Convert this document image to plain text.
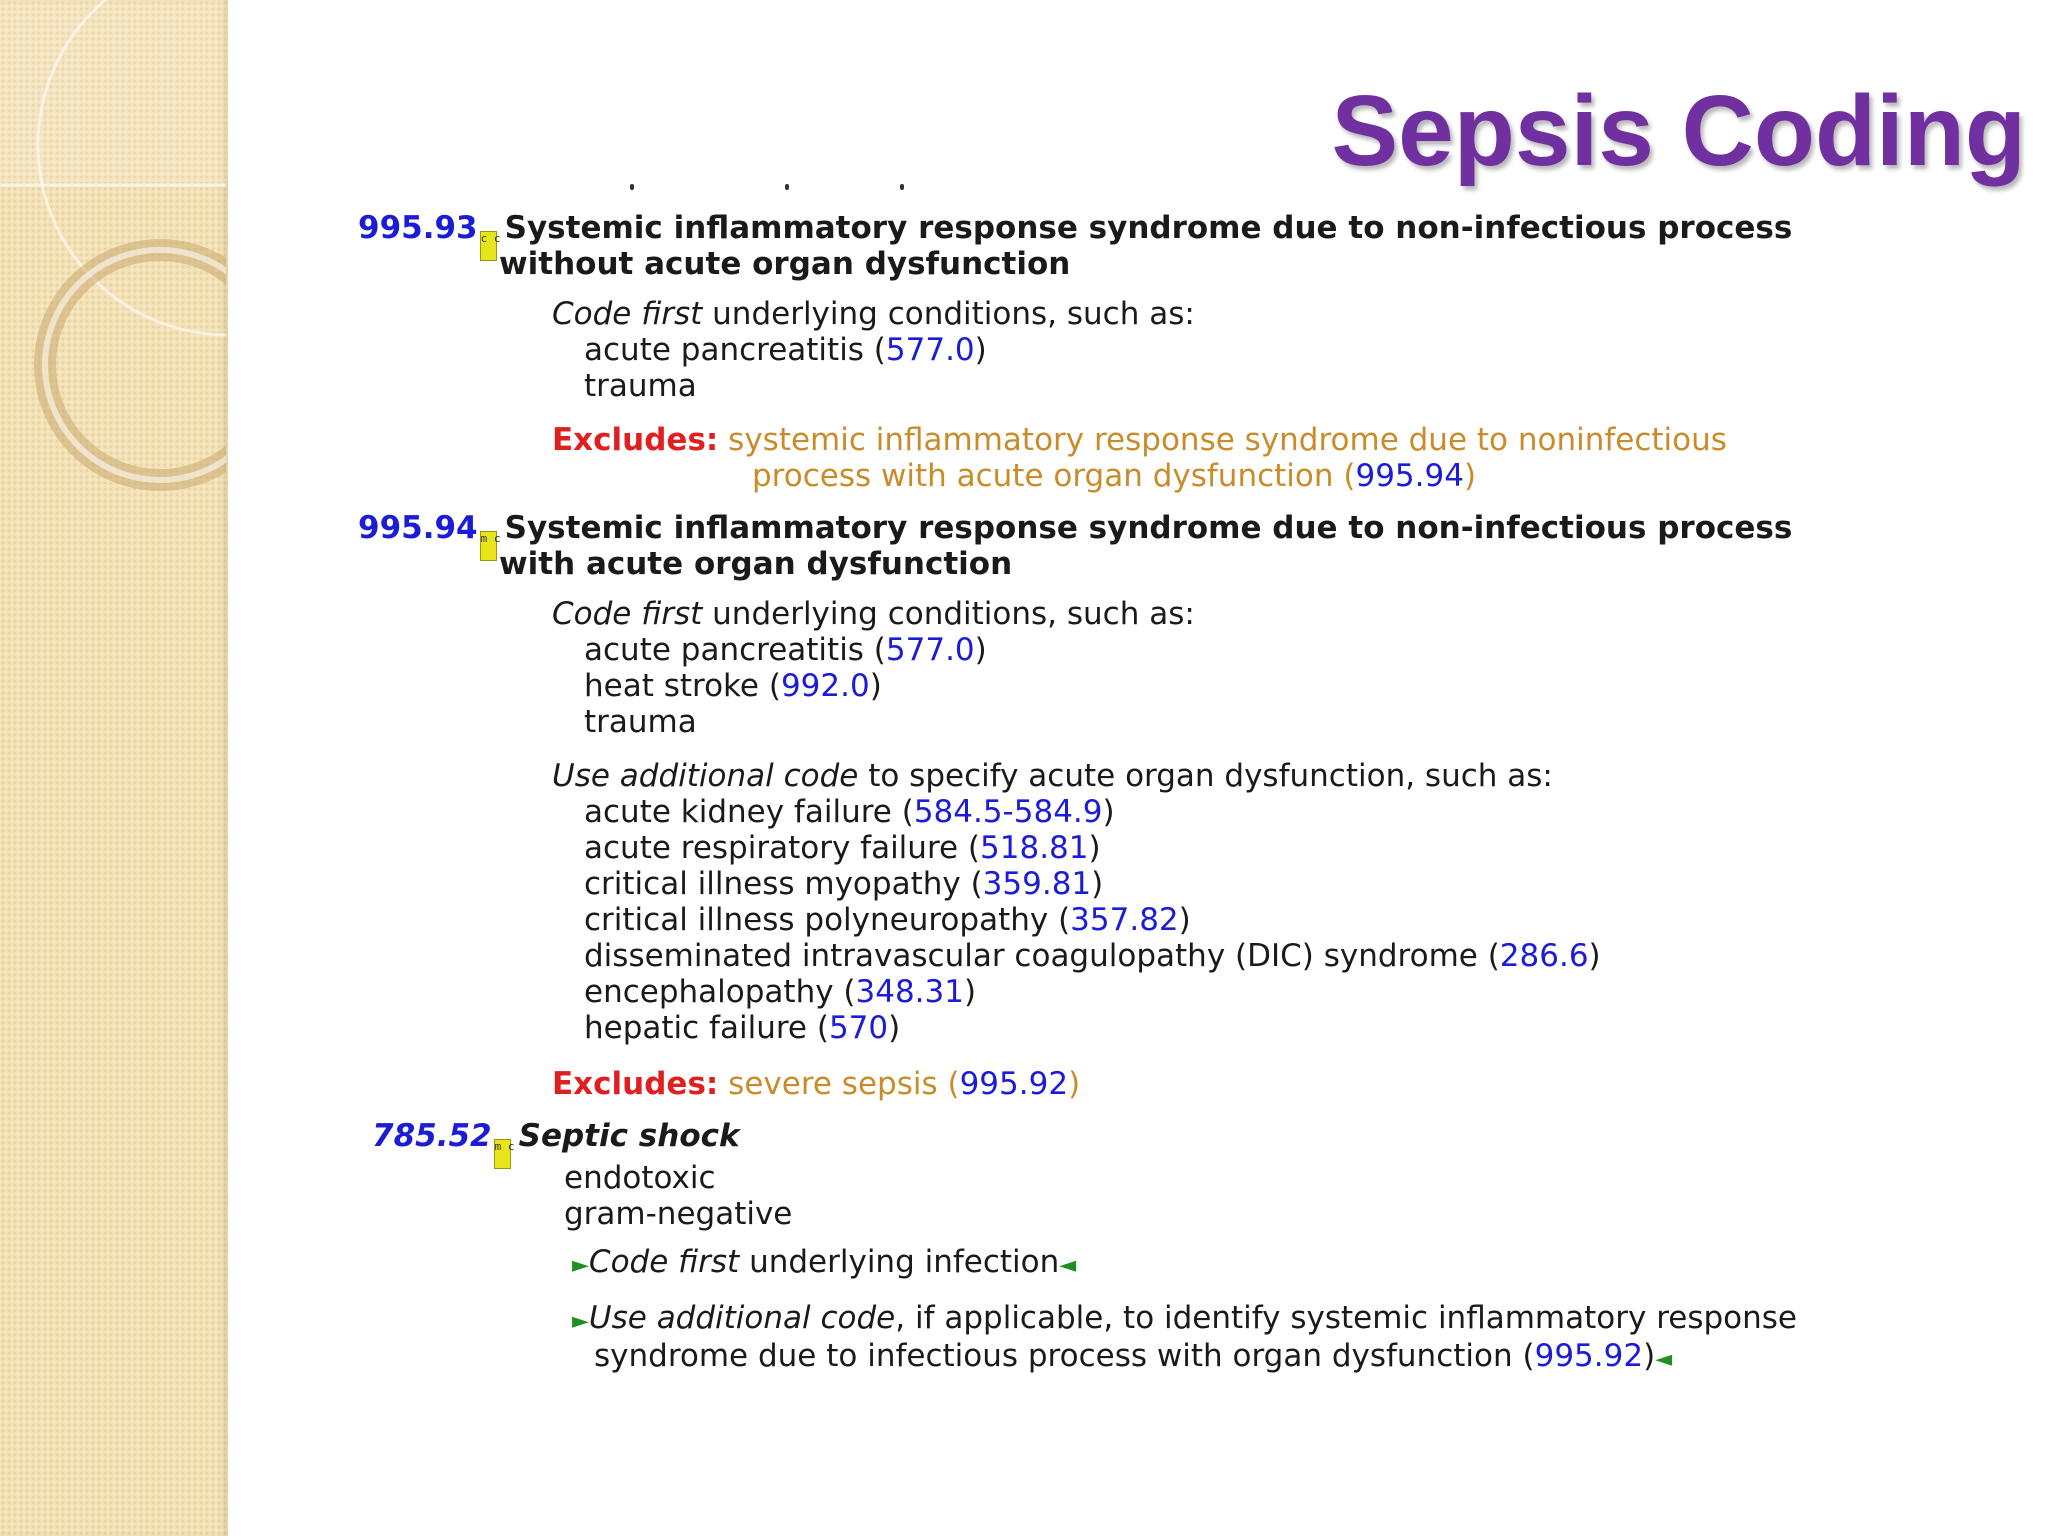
Sepsis Coding
995.93 c c Systemic inflammatory response syndrome due to non-infectious process
without acute organ dysfunction
Code first underlying conditions, such as:
acute pancreatitis (577.0)
trauma
Excludes: systemic inflammatory response syndrome due to noninfectious
process with acute organ dysfunction (995.94)
995.94 m c Systemic inflammatory response syndrome due to non-infectious process
with acute organ dysfunction
Code first underlying conditions, such as:
acute pancreatitis (577.0)
heat stroke (992.0)
trauma
Use additional code to specify acute organ dysfunction, such as:
acute kidney failure (584.5-584.9)
acute respiratory failure (518.81)
critical illness myopathy (359.81)
critical illness polyneuropathy (357.82)
disseminated intravascular coagulopathy (DIC) syndrome (286.6)
encephalopathy (348.31)
hepatic failure (570)
Excludes: severe sepsis (995.92)
785.52 m c Septic shock
endotoxic
gram-negative
►Code first underlying infection◄
►Use additional code, if applicable, to identify systemic inflammatory response
syndrome due to infectious process with organ dysfunction (995.92)◄
